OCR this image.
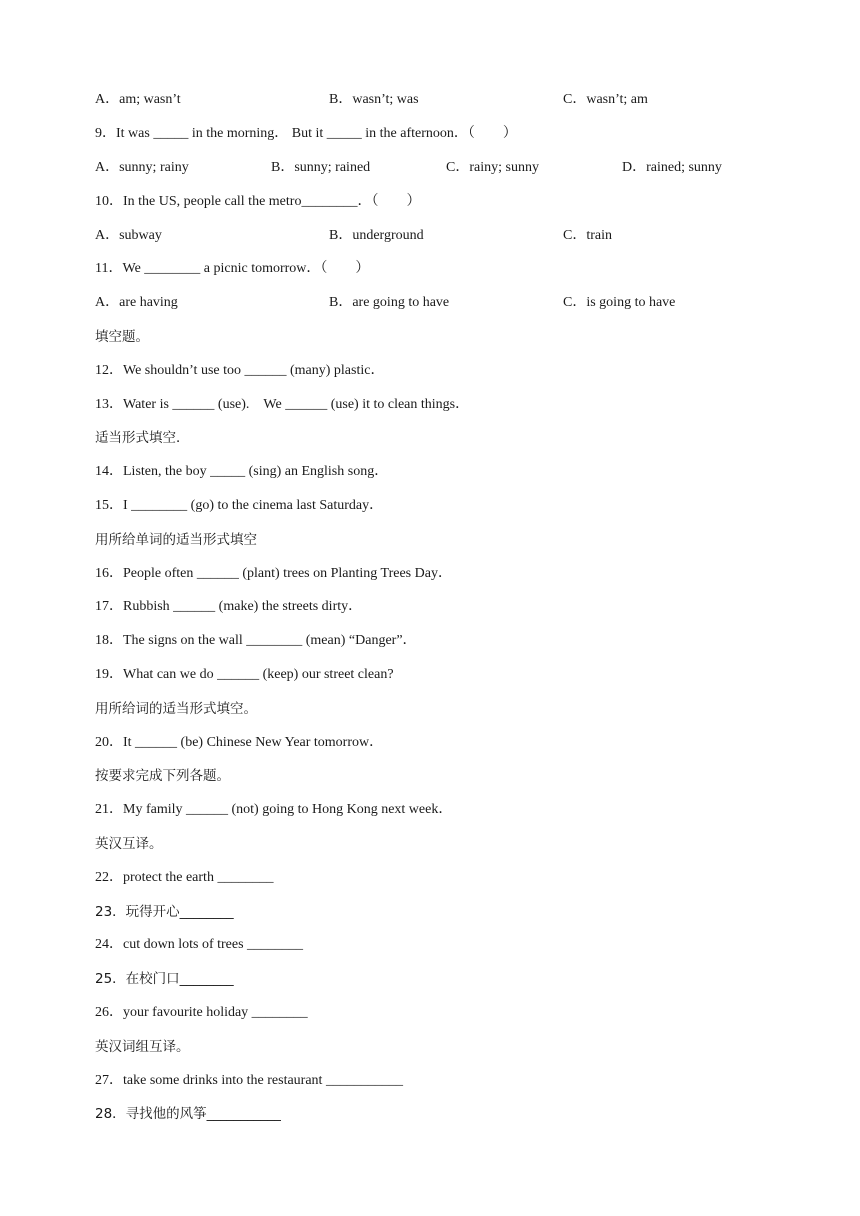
A．am; wasn’t	B．wasn’t; was	C．wasn’t; am
9．It was _____ in the morning． But it _____ in the afternoon．（　　）
A．sunny; rainy	B．sunny; rained	C．rainy; sunny	D．rained; sunny
10．In the US, people call the metro________．（　　）
A．subway	B．underground	C．train
11．We ________ a picnic tomorrow．（　　）
A．are having	B．are going to have	C．is going to have
填空题。
12．We shouldn’t use too ______ (many) plastic．
13．Water is ______ (use).　We ______ (use) it to clean things．
适当形式填空．
14．Listen, the boy _____ (sing) an English song．
15．I ________ (go) to the cinema last Saturday．
用所给单词的适当形式填空
16．People often ______ (plant) trees on Planting Trees Day．
17．Rubbish ______ (make) the streets dirty．
18．The signs on the wall ________ (mean) “Danger”．
19．What can we do ______ (keep) our street clean?
用所给词的适当形式填空。
20．It ______ (be) Chinese New Year tomorrow．
按要求完成下列各题。
21．My family ______ (not) going to Hong Kong next week．
英汉互译。
22．protect the earth ________
23．玩得开心________
24．cut down lots of trees ________
25．在校门口________
26．your favourite holiday ________
英汉词组互译。
27．take some drinks into the restaurant ___________
28．寻找他的风筝___________
